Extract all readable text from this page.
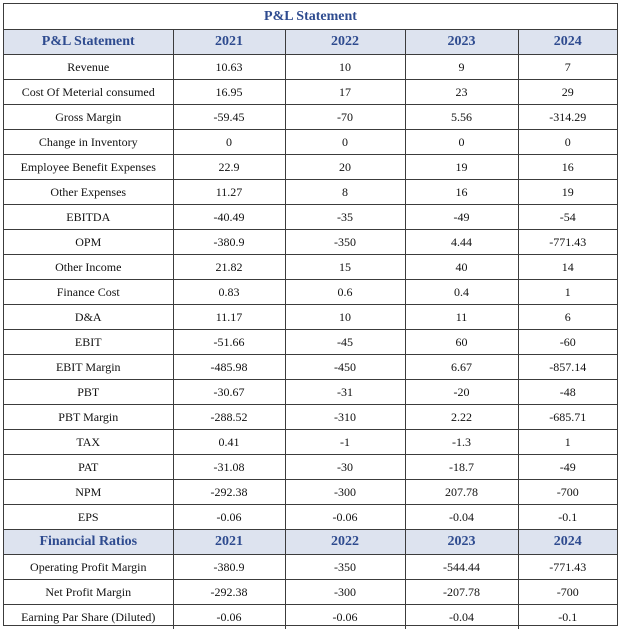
P&L Statement
P&L Statement	2021	2022	2023	2024
Revenue	10.63	10	9	7
Cost Of Meterial consumed	16.95	17	23	29
Gross Margin	-59.45	-70	5.56	-314.29
Change in Inventory	0	0	0	0
Employee Benefit Expenses	22.9	20	19	16
Other Expenses	11.27	8	16	19
EBITDA	-40.49	-35	-49	-54
OPM	-380.9	-350	4.44	-771.43
Other Income	21.82	15	40	14
Finance Cost	0.83	0.6	0.4	1
D&A	11.17	10	11	6
EBIT	-51.66	-45	60	-60
EBIT Margin	-485.98	-450	6.67	-857.14
PBT	-30.67	-31	-20	-48
PBT Margin	-288.52	-310	2.22	-685.71
TAX	0.41	-1	-1.3	1
PAT	-31.08	-30	-18.7	-49
NPM	-292.38	-300	207.78	-700
EPS	-0.06	-0.06	-0.04	-0.1
Financial Ratios	2021	2022	2023	2024
Operating Profit Margin	-380.9	-350	-544.44	-771.43
Net Profit Margin	-292.38	-300	-207.78	-700
Earning Par Share (Diluted)	-0.06	-0.06	-0.04	-0.1
